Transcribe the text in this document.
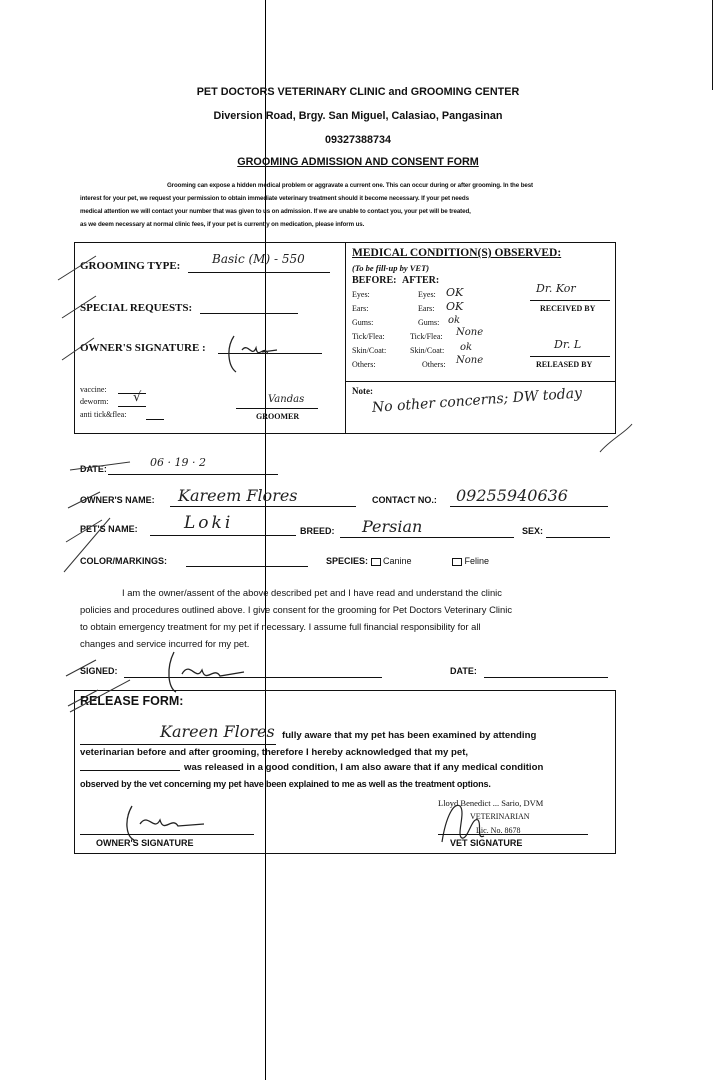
PET DOCTORS VETERINARY CLINIC and GROOMING CENTER
Diversion Road, Brgy. San Miguel, Calasiao, Pangasinan
09327388734
GROOMING ADMISSION AND CONSENT FORM
Grooming can expose a hidden medical problem or aggravate a current one. This can occur during or after grooming. In the best
interest for your pet, we request your permission to obtain immediate veterinary treatment should it become necessary. If your pet needs
medical attention we will contact your number that was given to us on admission. If we are unable to contact you, your pet will be treated,
as we deem necessary at normal clinic fees, if your pet is currently on medication, please inform us.
GROOMING TYPE:	Basic (M) - 550
SPECIAL REQUESTS:
OWNER'S SIGNATURE :
vaccine:
deworm: √
anti tick&flea:
Vandas
GROOMER
MEDICAL CONDITION(S) OBSERVED:
(To be fill-up by VET)
BEFORE: AFTER:
Eyes:	Eyes: OK
Ears:	Ears: OK
Gums:	Gums: ok
Tick/Flea:	Tick/Flea: None
Skin/Coat:	Skin/Coat: ok
Others:	Others: None
Dr. Kor
RECEIVED BY
Dr. L
RELEASED BY
Note:
No other concerns; DW today
DATE:	06 · 19 · 2
OWNER'S NAME: Kareem Flores	CONTACT NO.: 09255940636
PET'S NAME:	Loki	BREED: Persian	SEX:
COLOR/MARKINGS:	SPECIES: Canine	Feline
I am the owner/assent of the above described pet and I have read and understand the clinic
policies and procedures outlined above. I give consent for the grooming for Pet Doctors Veterinary Clinic
to obtain emergency treatment for my pet if necessary. I assume full financial responsibility for all
changes and service incurred for my pet.
SIGNED:	DATE:
RELEASE FORM:
Kareen Flores fully aware that my pet has been examined by attending
veterinarian before and after grooming, therefore I hereby acknowledged that my pet,
was released in a good condition, I am also aware that if any medical condition
observed by the vet concerning my pet have been explained to me as well as the treatment options.
Lloyd Benedict ... Sario, DVM
VETERINARIAN
Lic. No. 8678
OWNER'S SIGNATURE	VET SIGNATURE
